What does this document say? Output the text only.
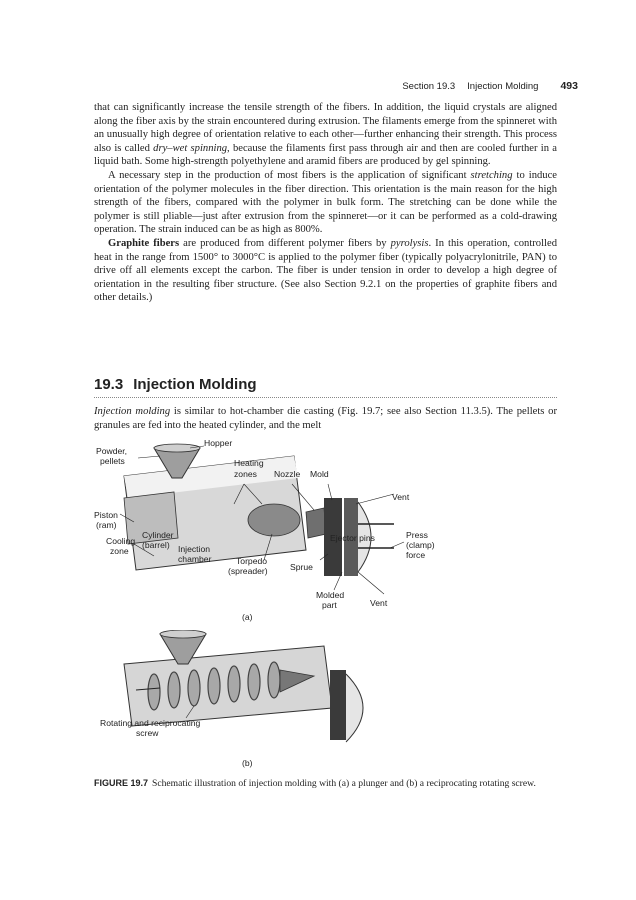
Section 19.3 Injection Molding 493

that can significantly increase the tensile strength of the fibers. In addition, the liquid crystals are aligned along the fiber axis by the strain encountered during extrusion. The filaments emerge from the spinneret with an unusually high degree of orientation relative to each other—further enhancing their strength. This process also is called dry–wet spinning, because the filaments first pass through air and then are cooled further in a liquid bath. Some high-strength polyethylene and aramid fibers are produced by gel spinning.

A necessary step in the production of most fibers is the application of significant stretching to induce orientation of the polymer molecules in the fiber direction. This orientation is the main reason for the high strength of the fibers, compared with the polymer in bulk form. The stretching can be done while the polymer is still pliable—just after extrusion from the spinneret—or it can be performed as a cold-drawing operation. The strain induced can be as high as 800%.

Graphite fibers are produced from different polymer fibers by pyrolysis. In this operation, controlled heat in the range from 1500° to 3000°C is applied to the polymer fiber (typically polyacrylonitrile, PAN) to drive off all elements except the carbon. The fiber is under tension in order to develop a high degree of orientation in the resulting fiber structure. (See also Section 9.2.1 on the properties of graphite fibers and other details.)

19.3 Injection Molding

Injection molding is similar to hot-chamber die casting (Fig. 19.7; see also Section 11.3.5). The pellets or granules are fed into the heated cylinder, and the melt

Powder,
pellets
Hopper
Heating
zones Nozzle Mold
Vent
Piston
(ram)
Cooling
zone
Cylinder
(barrel) Injection
chamber	Torpedo
(spreader)	Sprue
Ejector pins	Press
(clamp)
force
Molded
part	Vent
(a)
Rotating and reciprocating
screw
(b)
FIGURE 19.7 Schematic illustration of injection molding with (a) a plunger and (b) a reciprocating rotating screw.
